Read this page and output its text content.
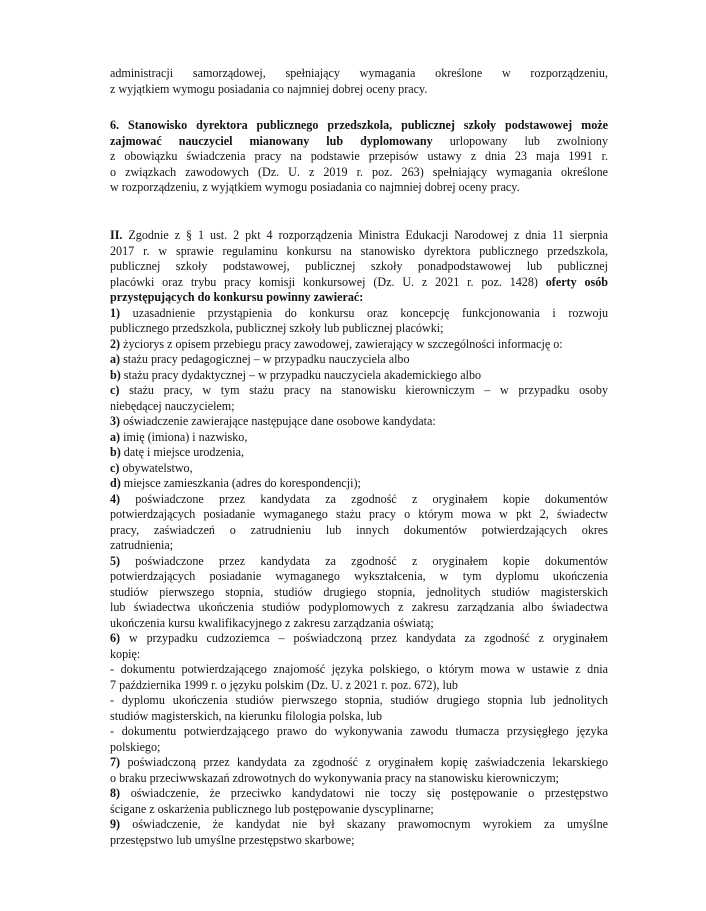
administracji samorządowej, spełniający wymagania określone w rozporządzeniu,
z wyjątkiem wymogu posiadania co najmniej dobrej oceny pracy.
6. Stanowisko dyrektora publicznego przedszkola, publicznej szkoły podstawowej może
zajmować nauczyciel mianowany lub dyplomowany urlopowany lub zwolniony
z obowiązku świadczenia pracy na podstawie przepisów ustawy z dnia 23 maja 1991 r.
o związkach zawodowych (Dz. U. z 2019 r. poz. 263) spełniający wymagania określone
w rozporządzeniu, z wyjątkiem wymogu posiadania co najmniej dobrej oceny pracy.
II. Zgodnie z § 1 ust. 2 pkt 4 rozporządzenia Ministra Edukacji Narodowej z dnia 11 sierpnia
2017 r. w sprawie regulaminu konkursu na stanowisko dyrektora publicznego przedszkola,
publicznej szkoły podstawowej, publicznej szkoły ponadpodstawowej lub publicznej
placówki oraz trybu pracy komisji konkursowej (Dz. U. z 2021 r. poz. 1428) oferty osób
przystępujących do konkursu powinny zawierać:
1) uzasadnienie przystąpienia do konkursu oraz koncepcję funkcjonowania i rozwoju
publicznego przedszkola, publicznej szkoły lub publicznej placówki;
2) życiorys z opisem przebiegu pracy zawodowej, zawierający w szczególności informację o:
a) stażu pracy pedagogicznej – w przypadku nauczyciela albo
b) stażu pracy dydaktycznej – w przypadku nauczyciela akademickiego albo
c) stażu pracy, w tym stażu pracy na stanowisku kierowniczym – w przypadku osoby
niebędącej nauczycielem;
3) oświadczenie zawierające następujące dane osobowe kandydata:
a) imię (imiona) i nazwisko,
b) datę i miejsce urodzenia,
c) obywatelstwo,
d) miejsce zamieszkania (adres do korespondencji);
4) poświadczone przez kandydata za zgodność z oryginałem kopie dokumentów
potwierdzających posiadanie wymaganego stażu pracy o którym mowa w pkt 2, świadectw
pracy, zaświadczeń o zatrudnieniu lub innych dokumentów potwierdzających okres
zatrudnienia;
5) poświadczone przez kandydata za zgodność z oryginałem kopie dokumentów
potwierdzających posiadanie wymaganego wykształcenia, w tym dyplomu ukończenia
studiów pierwszego stopnia, studiów drugiego stopnia, jednolitych studiów magisterskich
lub świadectwa ukończenia studiów podyplomowych z zakresu zarządzania albo świadectwa
ukończenia kursu kwalifikacyjnego z zakresu zarządzania oświatą;
6) w przypadku cudzoziemca – poświadczoną przez kandydata za zgodność z oryginałem
kopię:
- dokumentu potwierdzającego znajomość języka polskiego, o którym mowa w ustawie z dnia
7 października 1999 r. o języku polskim (Dz. U. z 2021 r. poz. 672), lub
- dyplomu ukończenia studiów pierwszego stopnia, studiów drugiego stopnia lub jednolitych
studiów magisterskich, na kierunku filologia polska, lub
- dokumentu potwierdzającego prawo do wykonywania zawodu tłumacza przysięgłego języka
polskiego;
7) poświadczoną przez kandydata za zgodność z oryginałem kopię zaświadczenia lekarskiego
o braku przeciwwskazań zdrowotnych do wykonywania pracy na stanowisku kierowniczym;
8) oświadczenie, że przeciwko kandydatowi nie toczy się postępowanie o przestępstwo
ścigane z oskarżenia publicznego lub postępowanie dyscyplinarne;
9) oświadczenie, że kandydat nie był skazany prawomocnym wyrokiem za umyślne
przestępstwo lub umyślne przestępstwo skarbowe;
